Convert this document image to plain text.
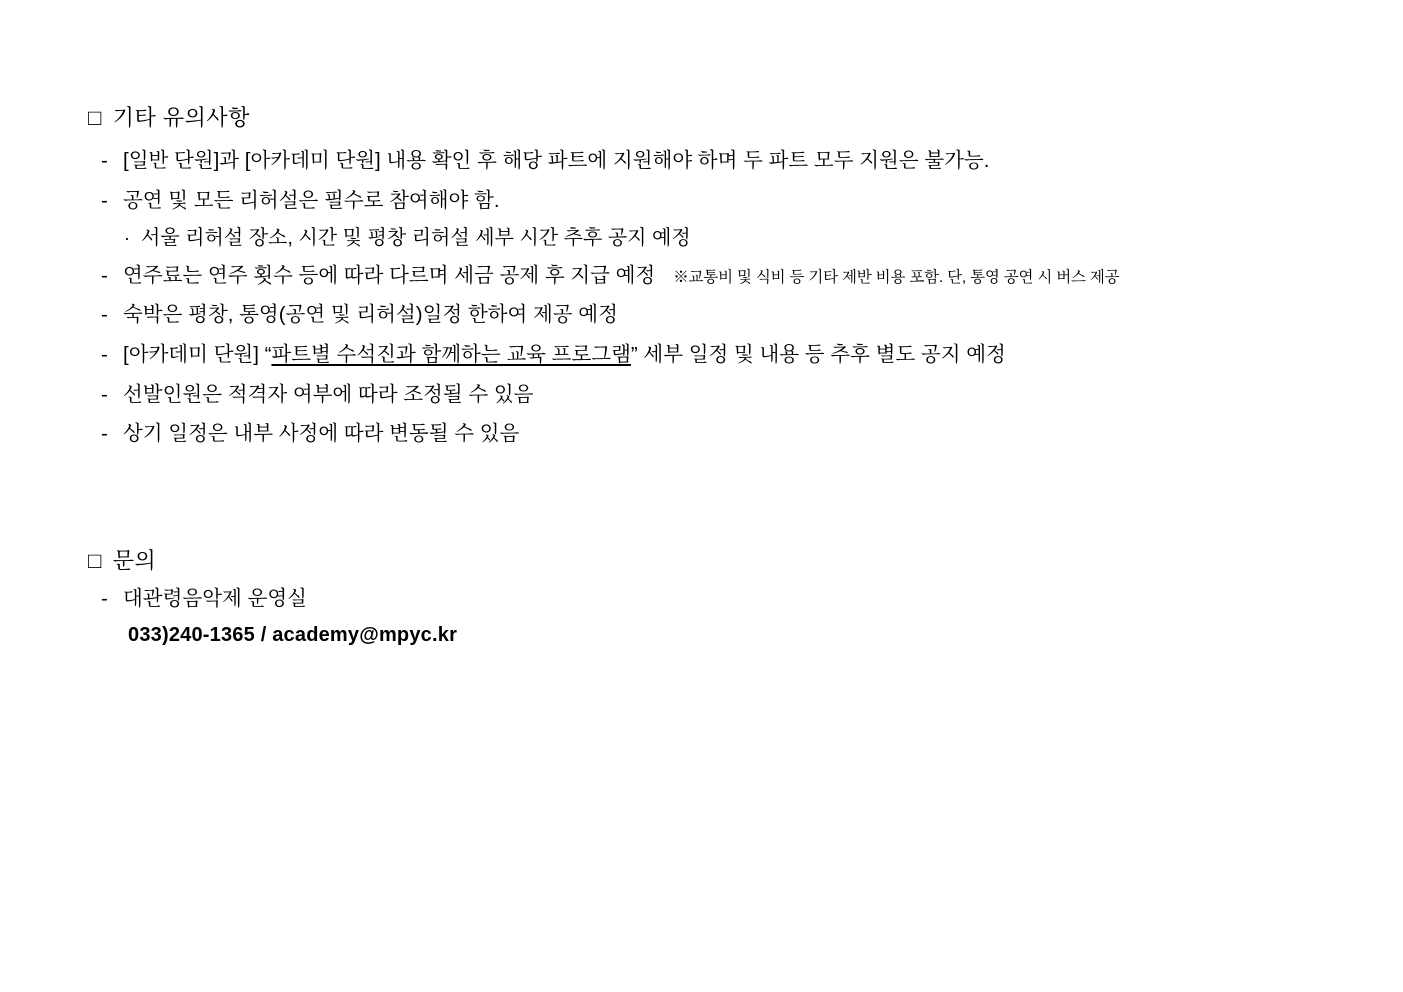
□ 기타 유의사항
- [일반 단원]과 [아카데미 단원] 내용 확인 후 해당 파트에 지원해야 하며 두 파트 모두 지원은 불가능.
- 공연 및 모든 리허설은 필수로 참여해야 함.
· 서울 리허설 장소, 시간 및 평창 리허설 세부 시간 추후 공지 예정
- 연주료는 연주 횟수 등에 따라 다르며 세금 공제 후 지급 예정 ※교통비 및 식비 등 기타 제반 비용 포함. 단, 통영 공연 시 버스 제공
- 숙박은 평창, 통영(공연 및 리허설)일정 한하여 제공 예정
- [아카데미 단원] “파트별 수석진과 함께하는 교육 프로그램” 세부 일정 및 내용 등 추후 별도 공지 예정
- 선발인원은 적격자 여부에 따라 조정될 수 있음
- 상기 일정은 내부 사정에 따라 변동될 수 있음
□ 문의
- 대관령음악제 운영실
033)240-1365 / academy@mpyc.kr
